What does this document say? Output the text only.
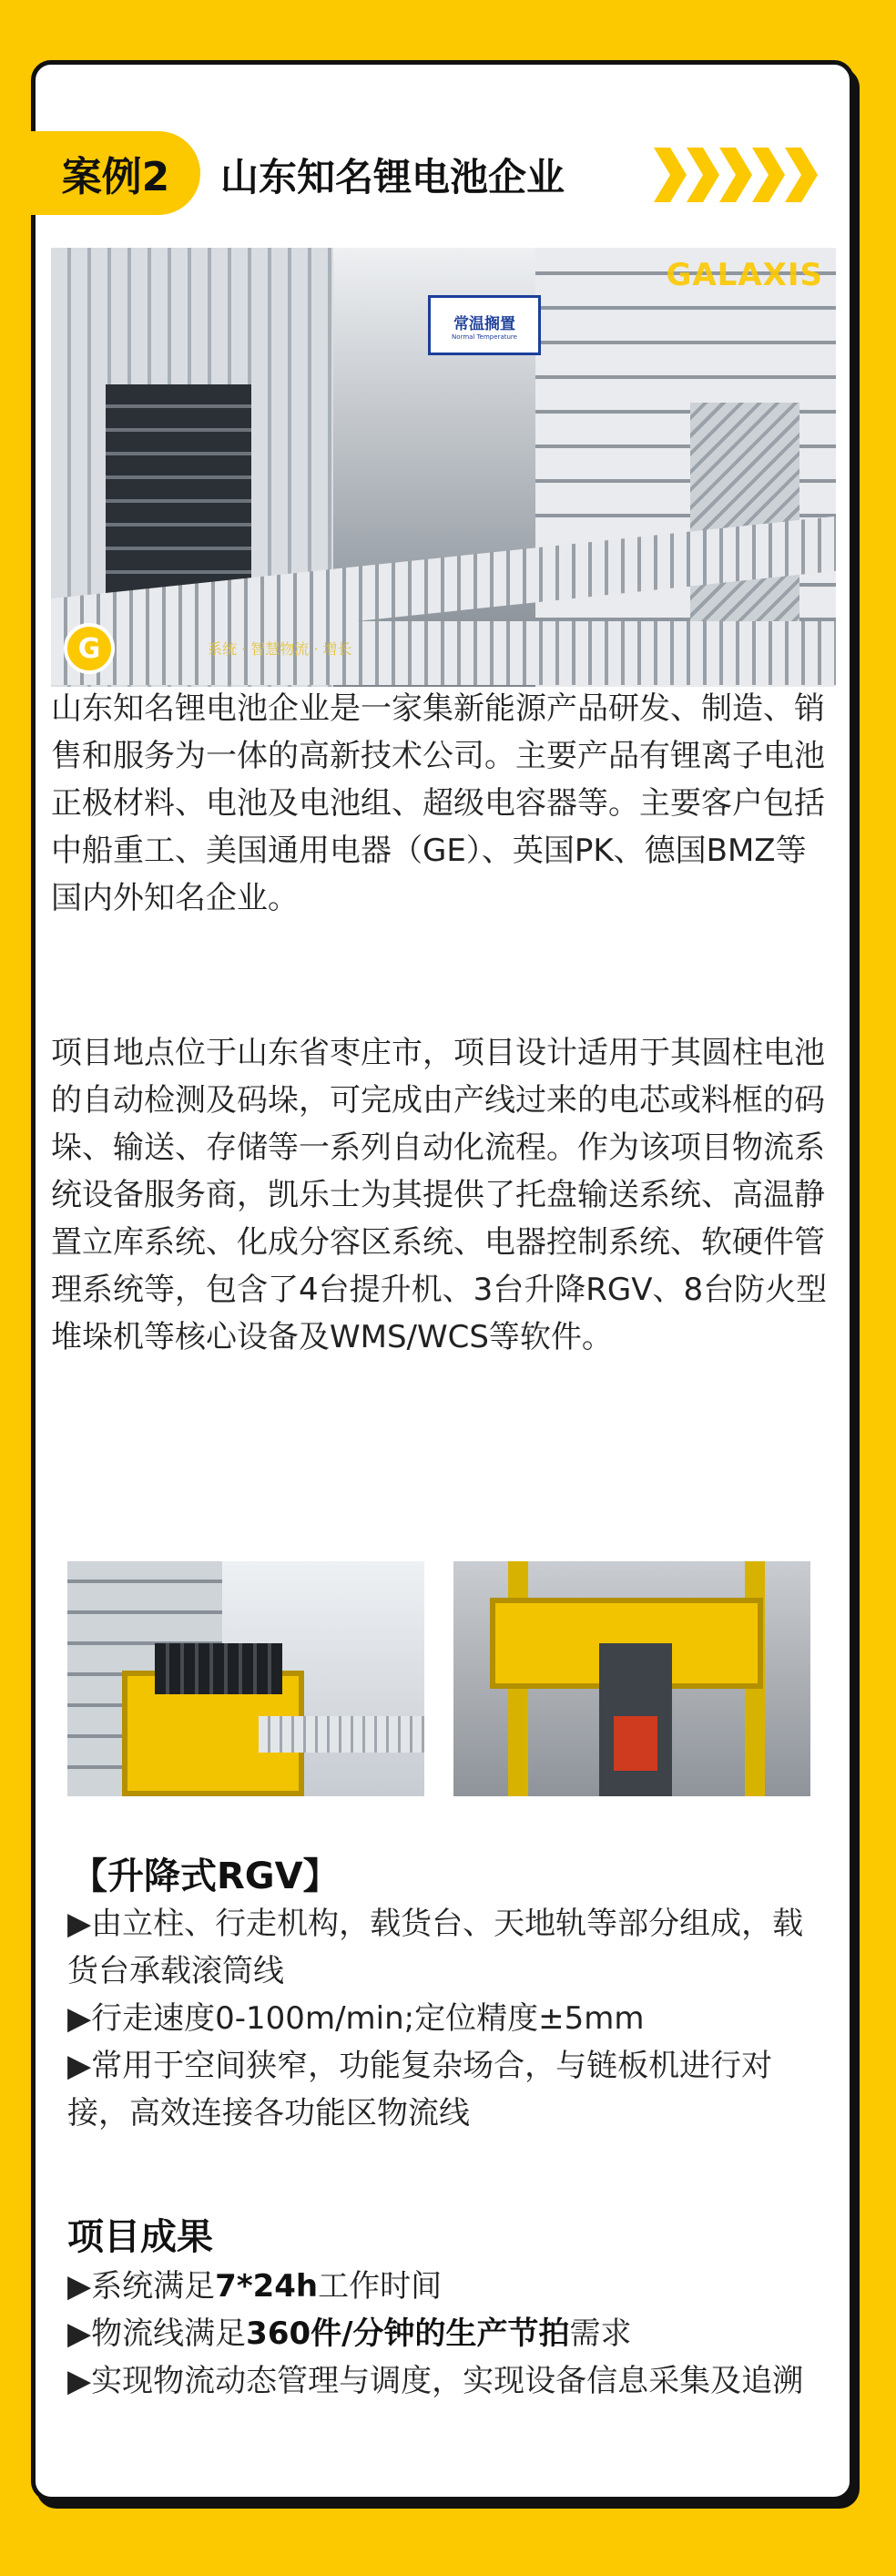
案例2 山东知名锂电池企业
常温搁置
Normal Temperature
GALAXIS
G	系统 · 智慧物流 · 增长

山东知名锂电池企业是一家集新能源产品研发、制造、销售和服务为一体的高新技术公司。主要产品有锂离子电池正极材料、电池及电池组、超级电容器等。主要客户包括中船重工、美国通用电器（GE）、英国PK、德国BMZ等国内外知名企业。

项目地点位于山东省枣庄市，项目设计适用于其圆柱电池的自动检测及码垛，可完成由产线过来的电芯或料框的码垛、输送、存储等一系列自动化流程。作为该项目物流系统设备服务商，凯乐士为其提供了托盘输送系统、高温静置立库系统、化成分容区系统、电器控制系统、软硬件管理系统等，包含了4台提升机、3台升降RGV、8台防火型堆垛机等核心设备及WMS/WCS等软件。

【升降式RGV】
▶由立柱、行走机构，载货台、天地轨等部分组成，载货台承载滚筒线
▶行走速度0-100m/min;定位精度±5mm
▶常用于空间狭窄，功能复杂场合，与链板机进行对接，高效连接各功能区物流线
项目成果
▶系统满足7*24h工作时间
▶物流线满足360件/分钟的生产节拍需求
▶实现物流动态管理与调度，实现设备信息采集及追溯
